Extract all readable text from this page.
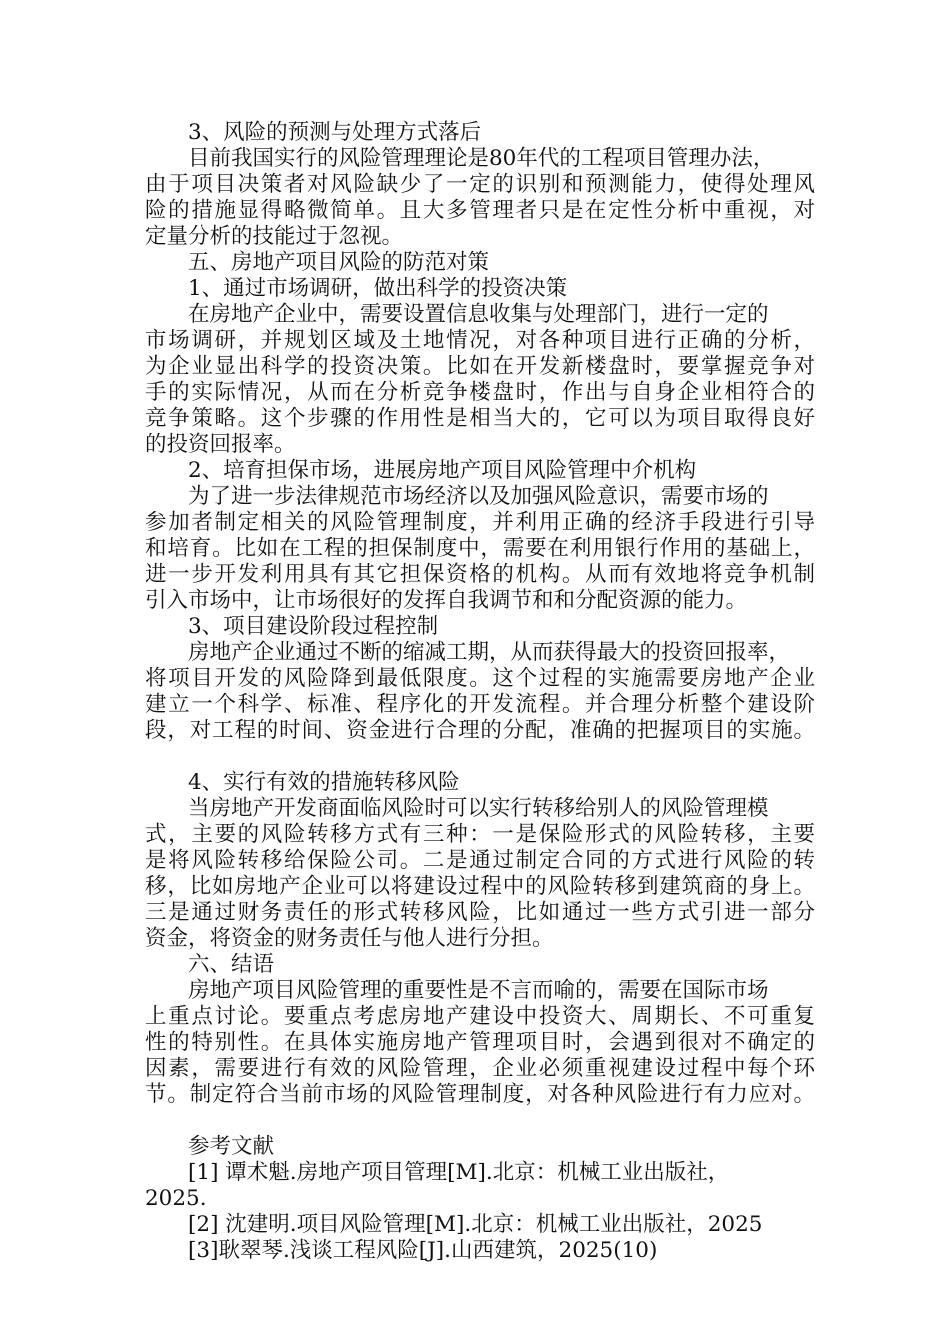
3、风险的预测与处理方式落后
目前我国实行的风险管理理论是80年代的工程项目管理办法，
由于项目决策者对风险缺少了一定的识别和预测能力，使得处理风
险的措施显得略微简单。且大多管理者只是在定性分析中重视，对
定量分析的技能过于忽视。
五、房地产项目风险的防范对策
1、通过市场调研，做出科学的投资决策
在房地产企业中，需要设置信息收集与处理部门，进行一定的
市场调研，并规划区域及土地情况，对各种项目进行正确的分析，
为企业显出科学的投资决策。比如在开发新楼盘时，要掌握竞争对
手的实际情况，从而在分析竞争楼盘时，作出与自身企业相符合的
竞争策略。这个步骤的作用性是相当大的，它可以为项目取得良好
的投资回报率。
2、培育担保市场，进展房地产项目风险管理中介机构
为了进一步法律规范市场经济以及加强风险意识，需要市场的
参加者制定相关的风险管理制度，并利用正确的经济手段进行引导
和培育。比如在工程的担保制度中，需要在利用银行作用的基础上，
进一步开发利用具有其它担保资格的机构。从而有效地将竞争机制
引入市场中，让市场很好的发挥自我调节和和分配资源的能力。
3、项目建设阶段过程控制
房地产企业通过不断的缩减工期，从而获得最大的投资回报率，
将项目开发的风险降到最低限度。这个过程的实施需要房地产企业
建立一个科学、标准、程序化的开发流程。并合理分析整个建设阶
段，对工程的时间、资金进行合理的分配，准确的把握项目的实施。
4、实行有效的措施转移风险
当房地产开发商面临风险时可以实行转移给别人的风险管理模
式，主要的风险转移方式有三种：一是保险形式的风险转移，主要
是将风险转移给保险公司。二是通过制定合同的方式进行风险的转
移，比如房地产企业可以将建设过程中的风险转移到建筑商的身上。
三是通过财务责任的形式转移风险，比如通过一些方式引进一部分
资金，将资金的财务责任与他人进行分担。
六、结语
房地产项目风险管理的重要性是不言而喻的，需要在国际市场
上重点讨论。要重点考虑房地产建设中投资大、周期长、不可重复
性的特别性。在具体实施房地产管理项目时，会遇到很对不确定的
因素，需要进行有效的风险管理，企业必须重视建设过程中每个环
节。制定符合当前市场的风险管理制度，对各种风险进行有力应对。
参考文献
[1] 谭术魁.房地产项目管理[M].北京：机械工业出版社，
2025.
[2] 沈建明.项目风险管理[M].北京：机械工业出版社，2025
[3]耿翠琴.浅谈工程风险[J].山西建筑，2025(10)
